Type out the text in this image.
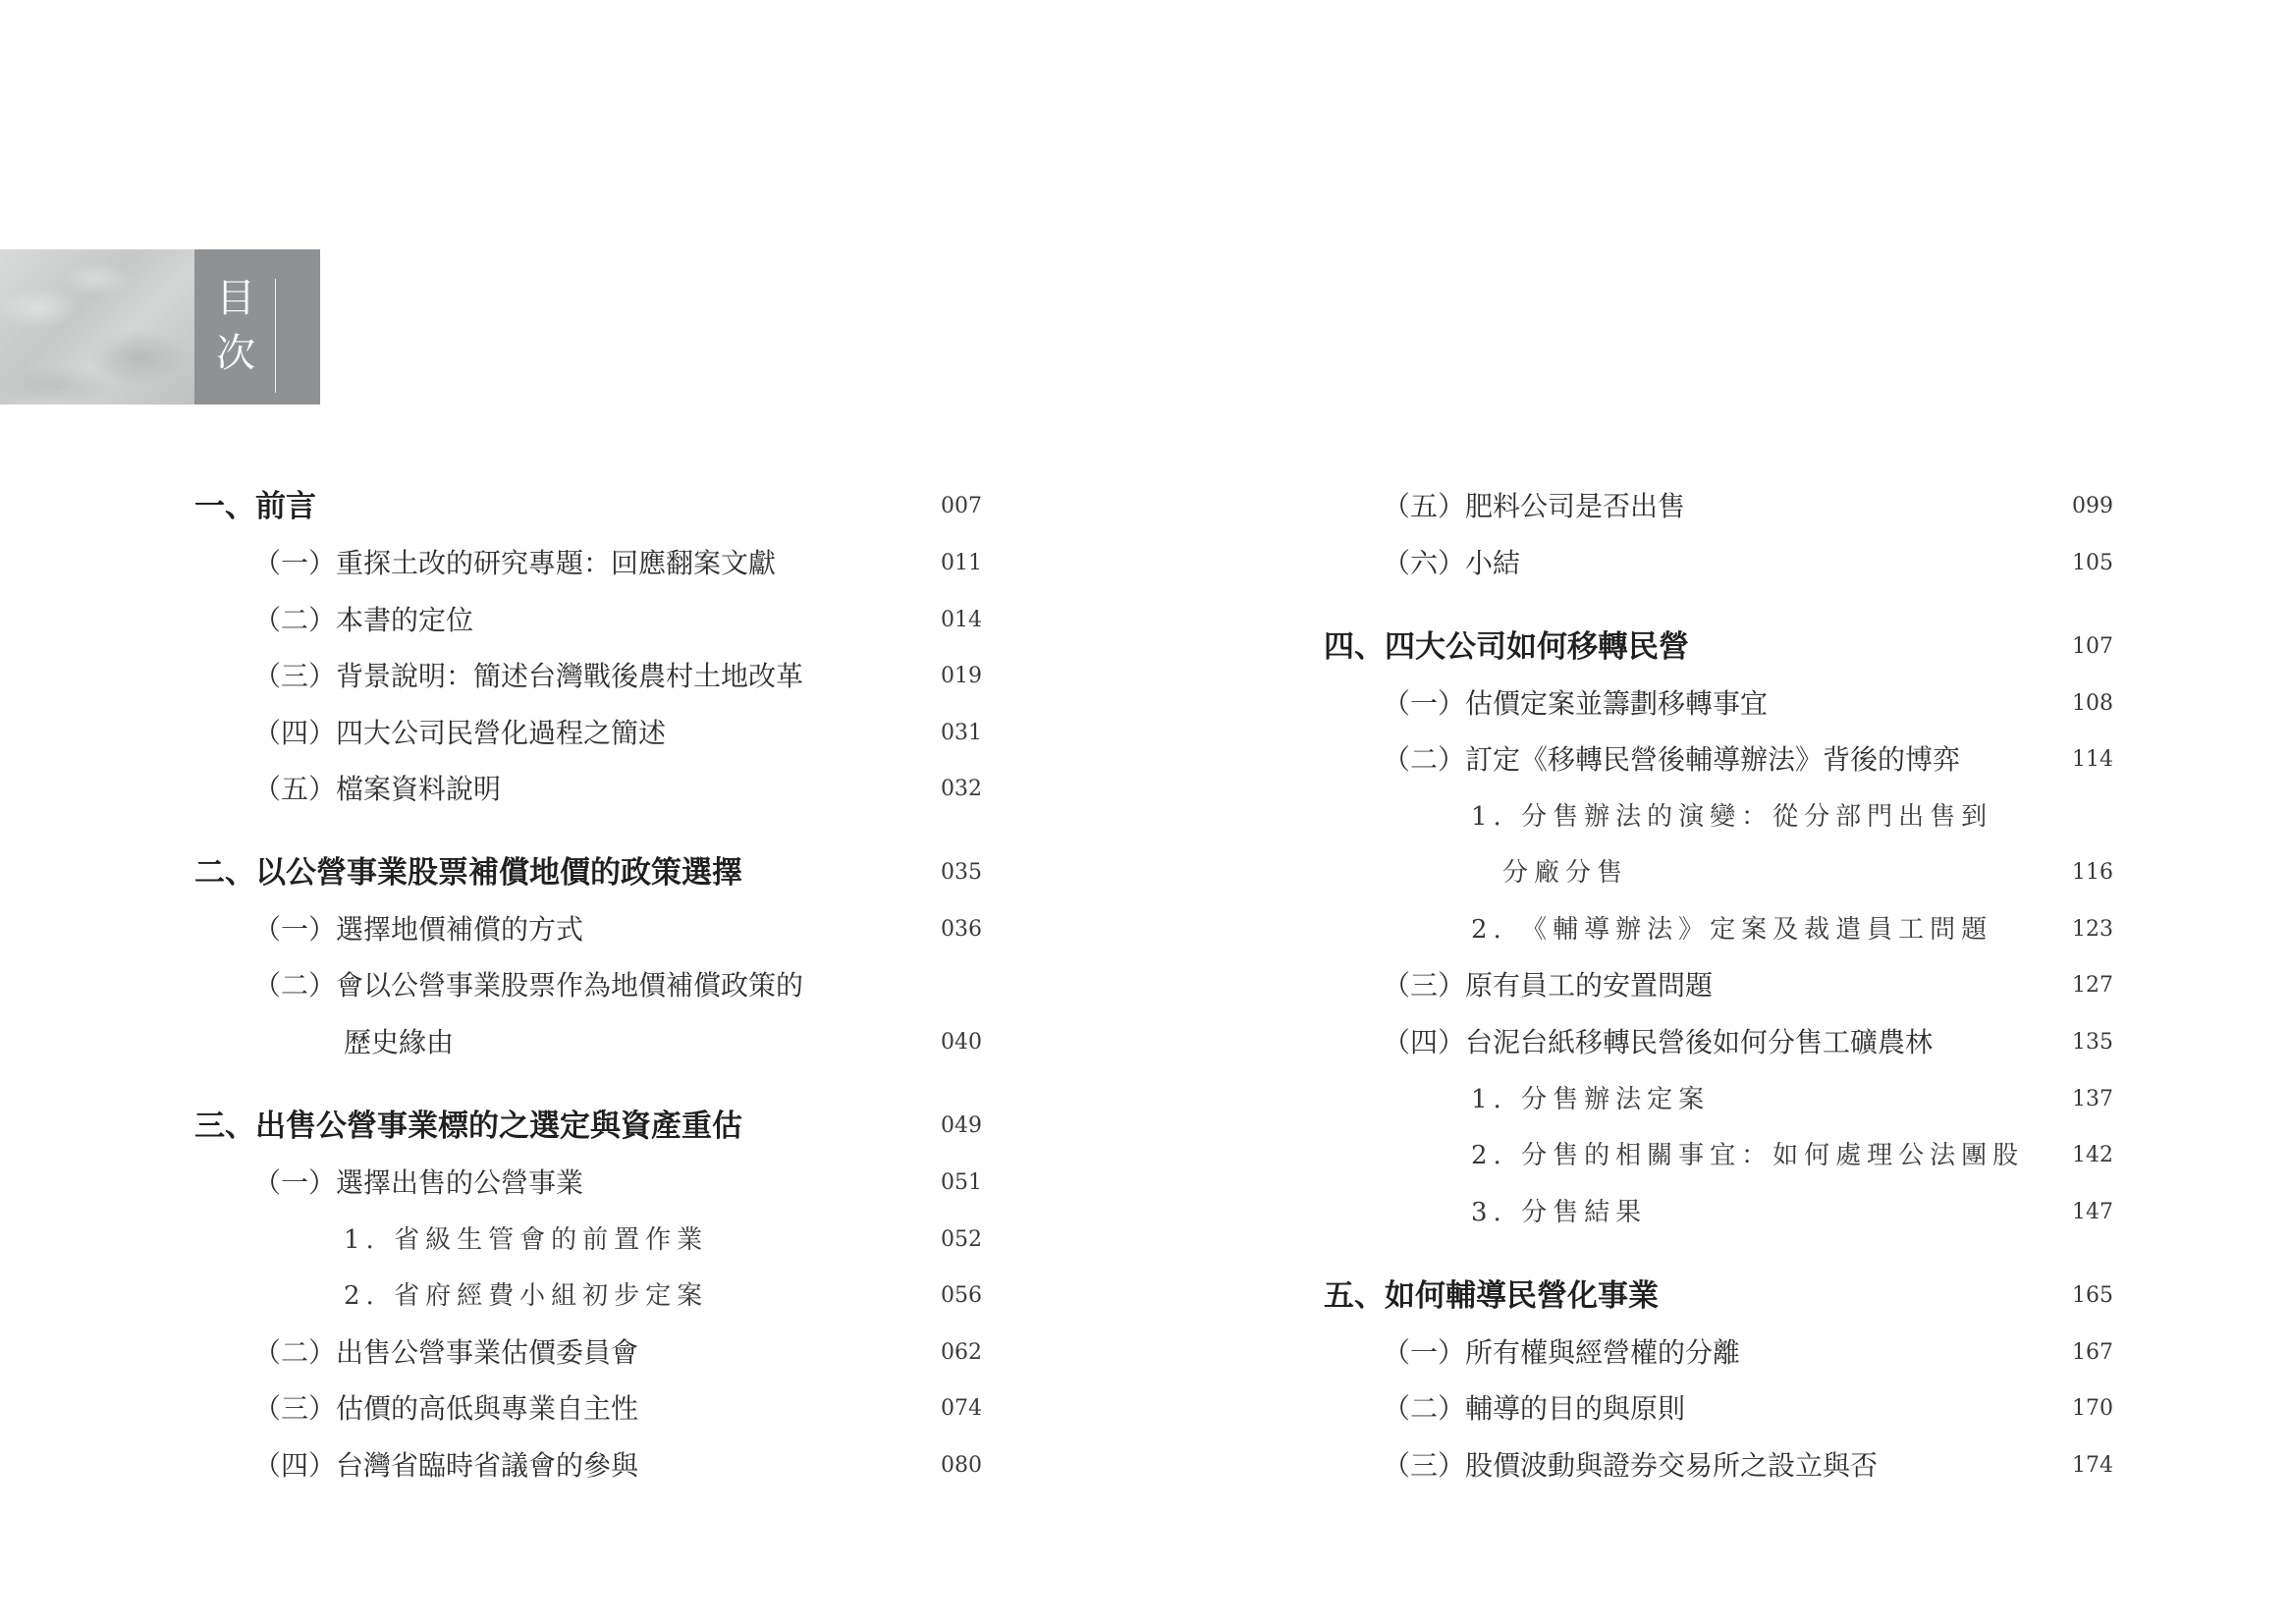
目
次
一、前言	007
（一）重探土改的研究專題：回應翻案文獻	011
（二）本書的定位	014
（三）背景說明：簡述台灣戰後農村土地改革	019
（四）四大公司民營化過程之簡述	031
（五）檔案資料說明	032
二、以公營事業股票補償地價的政策選擇	035
（一）選擇地價補償的方式	036
（二）會以公營事業股票作為地價補償政策的
歷史緣由	040
三、出售公營事業標的之選定與資產重估	049
（一）選擇出售的公營事業	051
1. 省級生管會的前置作業	052
2. 省府經費小組初步定案	056
（二）出售公營事業估價委員會	062
（三）估價的高低與專業自主性	074
（四）台灣省臨時省議會的參與	080
（五）肥料公司是否出售	099
（六）小結	105
四、四大公司如何移轉民營	107
（一）估價定案並籌劃移轉事宜	108
（二）訂定《移轉民營後輔導辦法》背後的博弈	114
1. 分售辦法的演變：從分部門出售到
分廠分售	116
2. 《輔導辦法》定案及裁遣員工問題	123
（三）原有員工的安置問題	127
（四）台泥台紙移轉民營後如何分售工礦農林	135
1. 分售辦法定案	137
2. 分售的相關事宜：如何處理公法團股	142
3. 分售結果	147
五、如何輔導民營化事業	165
（一）所有權與經營權的分離	167
（二）輔導的目的與原則	170
（三）股價波動與證券交易所之設立與否	174
